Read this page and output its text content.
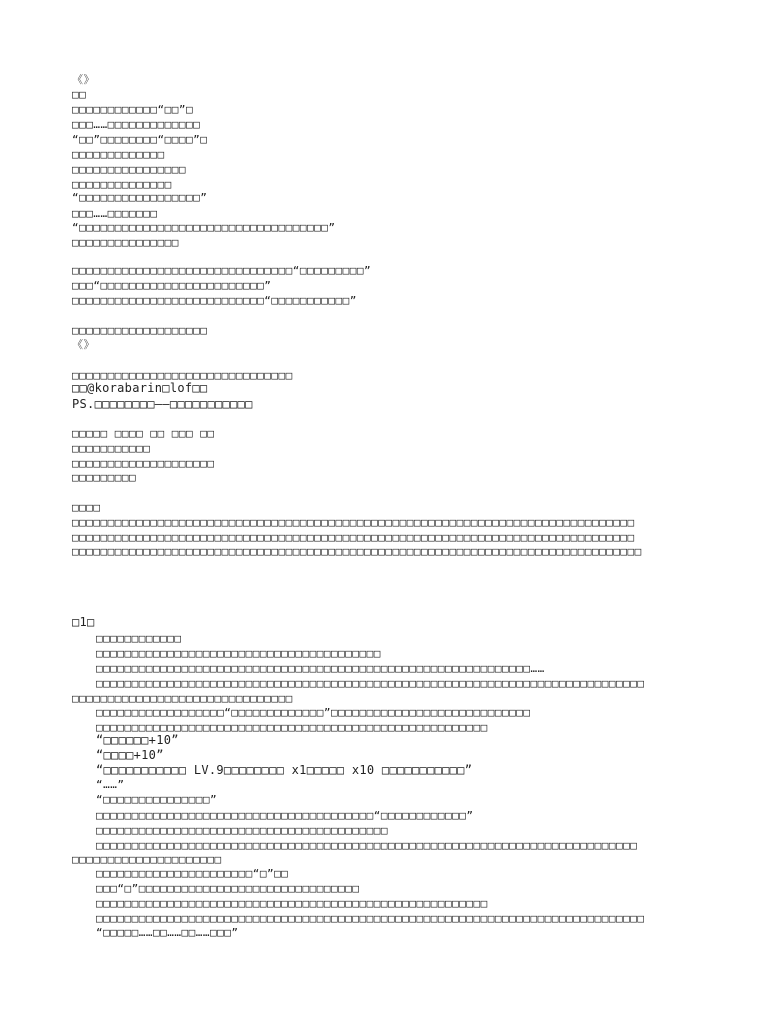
《》
□□
□□□□□□□□□□□□“□□”□
□□□……□□□□□□□□□□□□□
“□□”□□□□□□□□“□□□□”□
□□□□□□□□□□□□□
□□□□□□□□□□□□□□□□
□□□□□□□□□□□□□□
“□□□□□□□□□□□□□□□□□”
□□□……□□□□□□□
“□□□□□□□□□□□□□□□□□□□□□□□□□□□□□□□□□□□”
□□□□□□□□□□□□□□□
□□□□□□□□□□□□□□□□□□□□□□□□□□□□□□□“□□□□□□□□□”
□□□“□□□□□□□□□□□□□□□□□□□□□□□”
□□□□□□□□□□□□□□□□□□□□□□□□□□□“□□□□□□□□□□□”
□□□□□□□□□□□□□□□□□□□
《》
□□□□□□□□□□□□□□□□□□□□□□□□□□□□□□□
□□@korabarin□lof□□
PS.□□□□□□□□——□□□□□□□□□□□
□□□□□ □□□□ □□ □□□ □□
□□□□□□□□□□□
□□□□□□□□□□□□□□□□□□□□
□□□□□□□□□
□□□□
□□□□□□□□□□□□□□□□□□□□□□□□□□□□□□□□□□□□□□□□□□□□□□□□□□□□□□□□□□□□□□□□□□□□□□□□□□□□□□□
□□□□□□□□□□□□□□□□□□□□□□□□□□□□□□□□□□□□□□□□□□□□□□□□□□□□□□□□□□□□□□□□□□□□□□□□□□□□□□□
□□□□□□□□□□□□□□□□□□□□□□□□□□□□□□□□□□□□□□□□□□□□□□□□□□□□□□□□□□□□□□□□□□□□□□□□□□□□□□□□
□1□
□□□□□□□□□□□□
□□□□□□□□□□□□□□□□□□□□□□□□□□□□□□□□□□□□□□□□
□□□□□□□□□□□□□□□□□□□□□□□□□□□□□□□□□□□□□□□□□□□□□□□□□□□□□□□□□□□□□……
□□□□□□□□□□□□□□□□□□□□□□□□□□□□□□□□□□□□□□□□□□□□□□□□□□□□□□□□□□□□□□□□□□□□□□□□□□□□□
□□□□□□□□□□□□□□□□□□□□□□□□□□□□□□□
□□□□□□□□□□□□□□□□□□“□□□□□□□□□□□□□”□□□□□□□□□□□□□□□□□□□□□□□□□□□□
□□□□□□□□□□□□□□□□□□□□□□□□□□□□□□□□□□□□□□□□□□□□□□□□□□□□□□□
“□□□□□□+10”
“□□□□+10”
“□□□□□□□□□□□ LV.9□□□□□□□□ x1□□□□□ x10 □□□□□□□□□□□”
“……”
“□□□□□□□□□□□□□□□”
□□□□□□□□□□□□□□□□□□□□□□□□□□□□□□□□□□□□□□□“□□□□□□□□□□□□”
□□□□□□□□□□□□□□□□□□□□□□□□□□□□□□□□□□□□□□□□□
□□□□□□□□□□□□□□□□□□□□□□□□□□□□□□□□□□□□□□□□□□□□□□□□□□□□□□□□□□□□□□□□□□□□□□□□□□□□
□□□□□□□□□□□□□□□□□□□□□
□□□□□□□□□□□□□□□□□□□□□□“□”□□
□□□“□”□□□□□□□□□□□□□□□□□□□□□□□□□□□□□□□
□□□□□□□□□□□□□□□□□□□□□□□□□□□□□□□□□□□□□□□□□□□□□□□□□□□□□□□
□□□□□□□□□□□□□□□□□□□□□□□□□□□□□□□□□□□□□□□□□□□□□□□□□□□□□□□□□□□□□□□□□□□□□□□□□□□□□
“□□□□□……□□……□□……□□□”
